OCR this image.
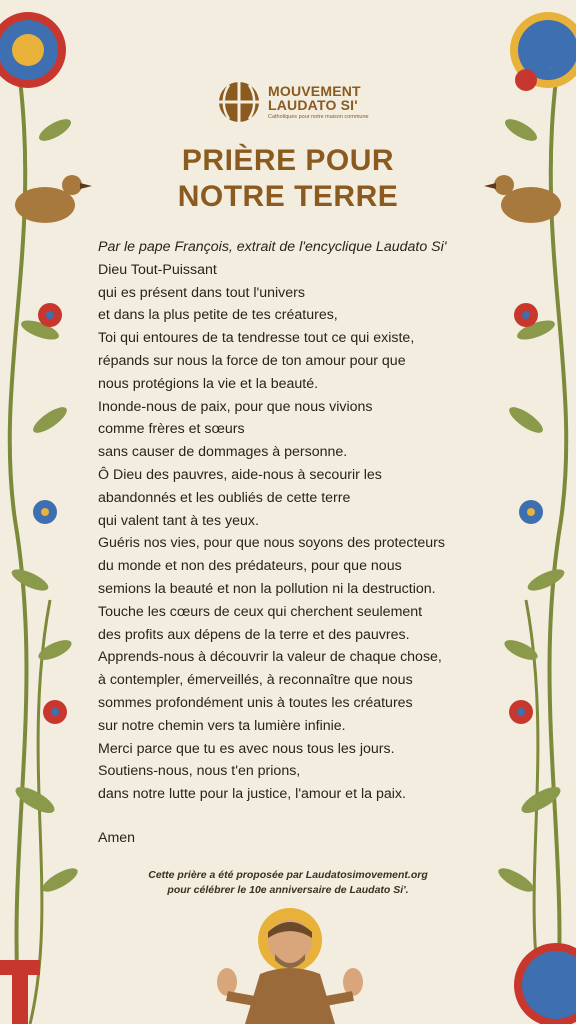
MOUVEMENT
LAUDATO SI'
Catholiques pour notre maison commune
PRIÈRE POUR
NOTRE TERRE
Par le pape François, extrait de l'encyclique Laudato Si'
Dieu Tout-Puissant
qui es présent dans tout l'univers
et dans la plus petite de tes créatures,
Toi qui entoures de ta tendresse tout ce qui existe,
répands sur nous la force de ton amour pour que
nous protégions la vie et la beauté.
Inonde-nous de paix, pour que nous vivions
comme frères et sœurs
sans causer de dommages à personne.
Ô Dieu des pauvres, aide-nous à secourir les
abandonnés et les oubliés de cette terre
qui valent tant à tes yeux.
Guéris nos vies, pour que nous soyons des protecteurs
du monde et non des prédateurs, pour que nous
semions la beauté et non la pollution ni la destruction.
Touche les cœurs de ceux qui cherchent seulement
des profits aux dépens de la terre et des pauvres.
Apprends-nous à découvrir la valeur de chaque chose,
à contempler, émerveillés, à reconnaître que nous
sommes profondément unis à toutes les créatures
sur notre chemin vers ta lumière infinie.
Merci parce que tu es avec nous tous les jours.
Soutiens-nous, nous t'en prions,
dans notre lutte pour la justice, l'amour et la paix.
Amen
Cette prière a été proposée par Laudatosimovement.org
pour célébrer le 10e anniversaire de Laudato Si'.
